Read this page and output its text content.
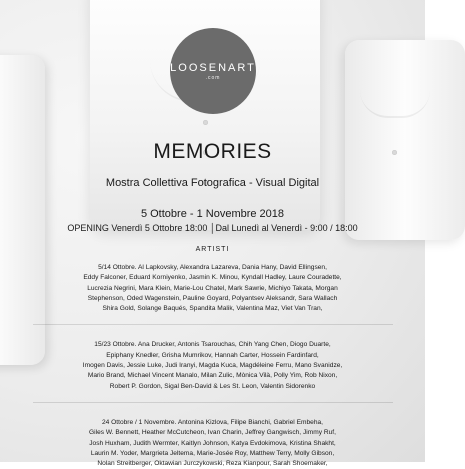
LOOSENART
.com
MEMORIES
Mostra Collettiva Fotografica - Visual Digital
5 Ottobre - 1 Novembre 2018
OPENING Venerdì 5 Ottobre 18:00 │Dal Lunedì al Venerdì - 9:00 / 18:00
ARTISTI

5/14 Ottobre. Al Lapkovsky, Alexandra Lazareva, Dania Hany, David Ellingsen,

Eddy Falconer, Eduard Korniyenko, Jasmin K. Minou, Kyndall Hadley, Laure Couradette,

Lucrezia Negrini, Mara Klein, Marie-Lou Chatel, Mark Sawrie, Michiyo Takata, Morgan

Stephenson, Oded Wagenstein, Pauline Goyard, Polyantsev Aleksandr, Sara Wallach

Shira Gold, Solange Baqués, Spandita Malik, Valentina Maz, Viet Van Tran,

15/23 Ottobre. Ana Drucker, Antonis Tsarouchas, Chih Yang Chen, Diogo Duarte,

Epiphany Knedler, Grisha Mumrikov, Hannah Carter, Hossein Fardinfard,

Imogen Davis, Jessie Luke, Judi Iranyi, Magda Kuca, Magdéleine Ferru, Mano Svanidze,

Mario Brand, Michael Vincent Manalo, Milan Zulic, Mònica Vilà, Polly Yim, Rob Nixon,

Robert P. Gordon, Sigal Ben-David & Les St. Leon, Valentin Sidorenko

24 Ottobre / 1 Novembre. Antonina Kizlova, Filipe Bianchi, Gabriel Embeha,

Giles W. Bennett, Heather McCutcheon, Ivan Charin, Jeffrey Gangwisch, Jimmy Ruf,

Josh Huxham, Judith Wermter, Kaitlyn Johnson, Katya Evdokimova, Kristina Shakht,

Laurin M. Yoder, Margrieta Jeltema, Marie-Josée Roy, Matthew Terry, Molly Gibson,

Nolan Streitberger, Oktawian Jurczykowski, Reza Kianpour, Sarah Shoemaker,
